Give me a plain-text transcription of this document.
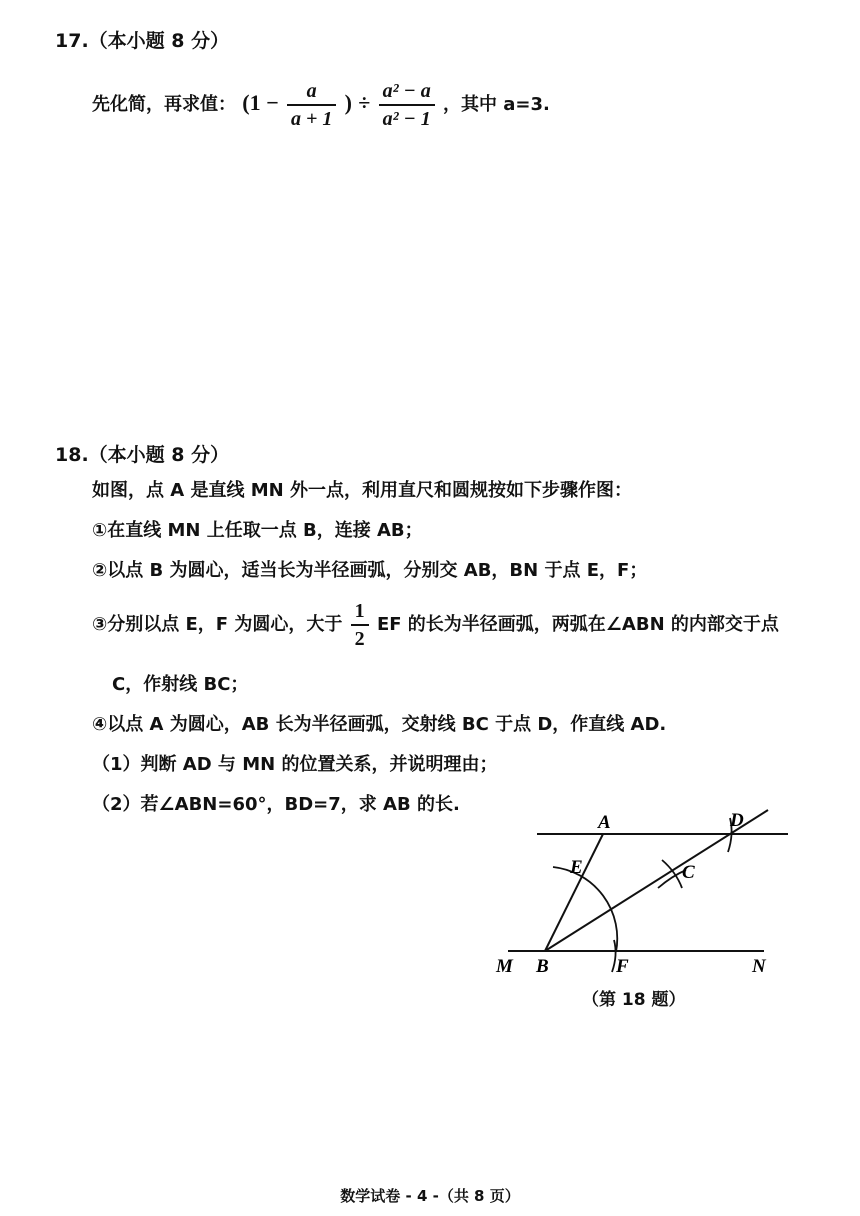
17.（本小题 8 分）
先化简，再求值： ($1 - \frac{a}{a + 1}$ ) ÷ $\frac{\text{a² − a}}{\text{a² − 1}}$ ，其中 a=3.
18.（本小题 8 分）
如图，点 A 是直线 MN 外一点，利用直尺和圆规按如下步骤作图：
①在直线 MN 上任取一点 B，连接 AB；
②以点 B 为圆心，适当长为半径画弧，分别交 AB，BN 于点 E，F；
③分别以点 E，F 为圆心，大于 $\frac{1}{2}$ EF 的长为半径画弧，两弧在∠ABN 的内部交于点
C，作射线 BC；
④以点 A 为圆心，AB 长为半径画弧，交射线 BC 于点 D，作直线 AD.
（1）判断 AD 与 MN 的位置关系，并说明理由；
（2）若∠ABN=60°，BD=7，求 AB 的长.
A	D
E	C
M B	F	N
（第 18 题）
数学试卷 - 4 -（共 8 页）
